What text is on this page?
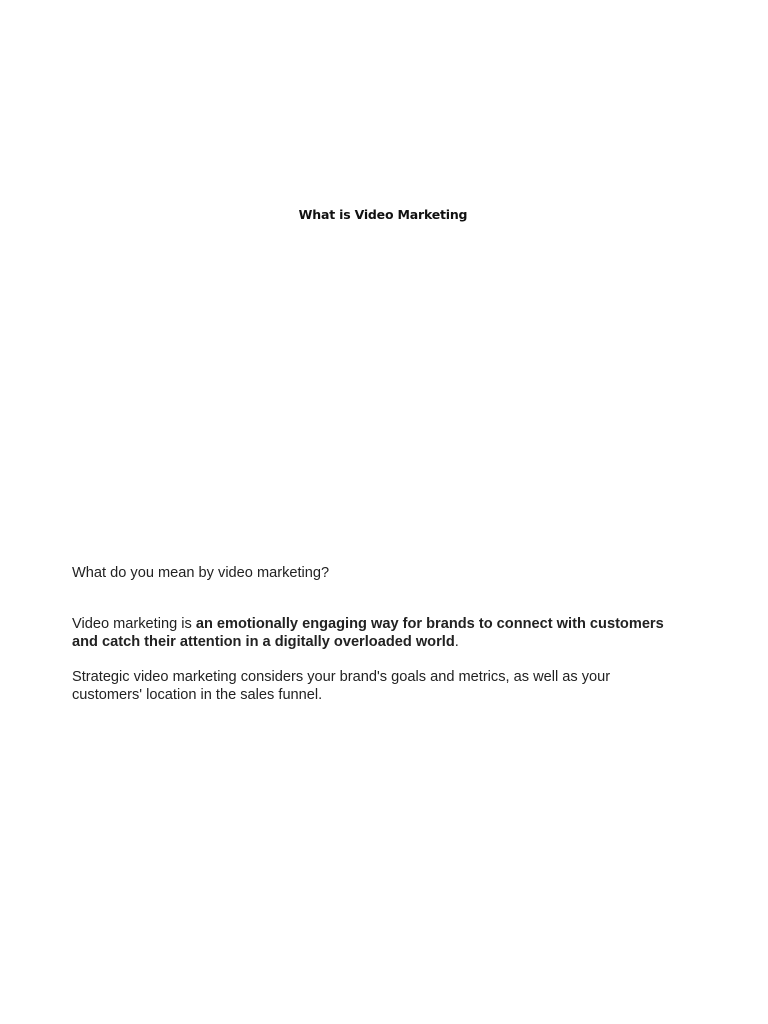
What is Video Marketing

What do you mean by video marketing?

Video marketing is an emotionally engaging way for brands to connect with customers and catch their attention in a digitally overloaded world.

Strategic video marketing considers your brand's goals and metrics, as well as your customers' location in the sales funnel.
